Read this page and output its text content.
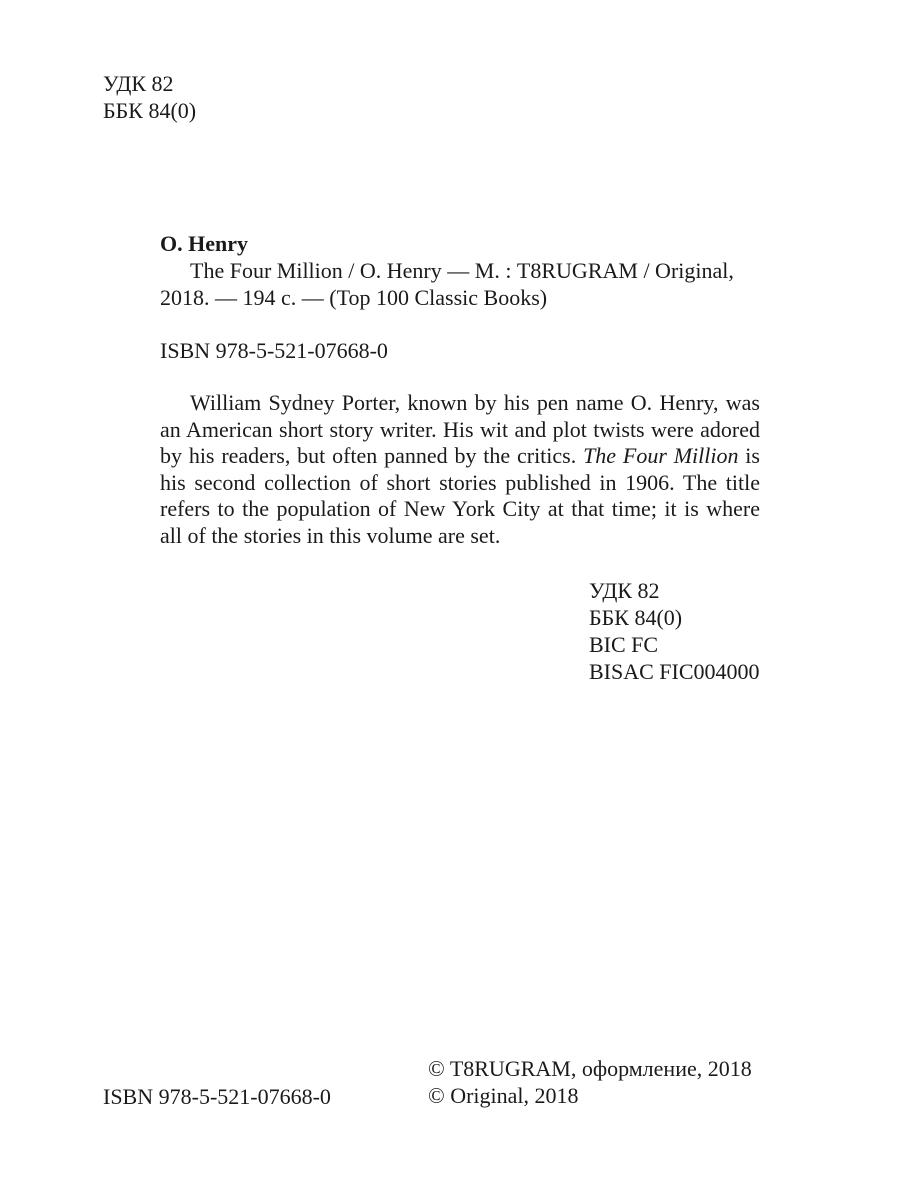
УДК 82
ББК 84(0)
O. Henry
The Four Million / O. Henry — М. : T8RUGRAM / Original,
2018. — 194 с. — (Top 100 Classic Books)
ISBN 978-5-521-07668-0
William Sydney Porter, known by his pen name O. Henry, was an American short story writer. His wit and plot twists were adored by his readers, but often panned by the critics. The Four Million is his second collection of short stories published in 1906. The title refers to the population of New York City at that time; it is where all of the stories in this volume are set.
УДК 82
ББК 84(0)
BIC FC
BISAC FIC004000
ISBN 978-5-521-07668-0
© T8RUGRAM, оформление, 2018
© Original, 2018
